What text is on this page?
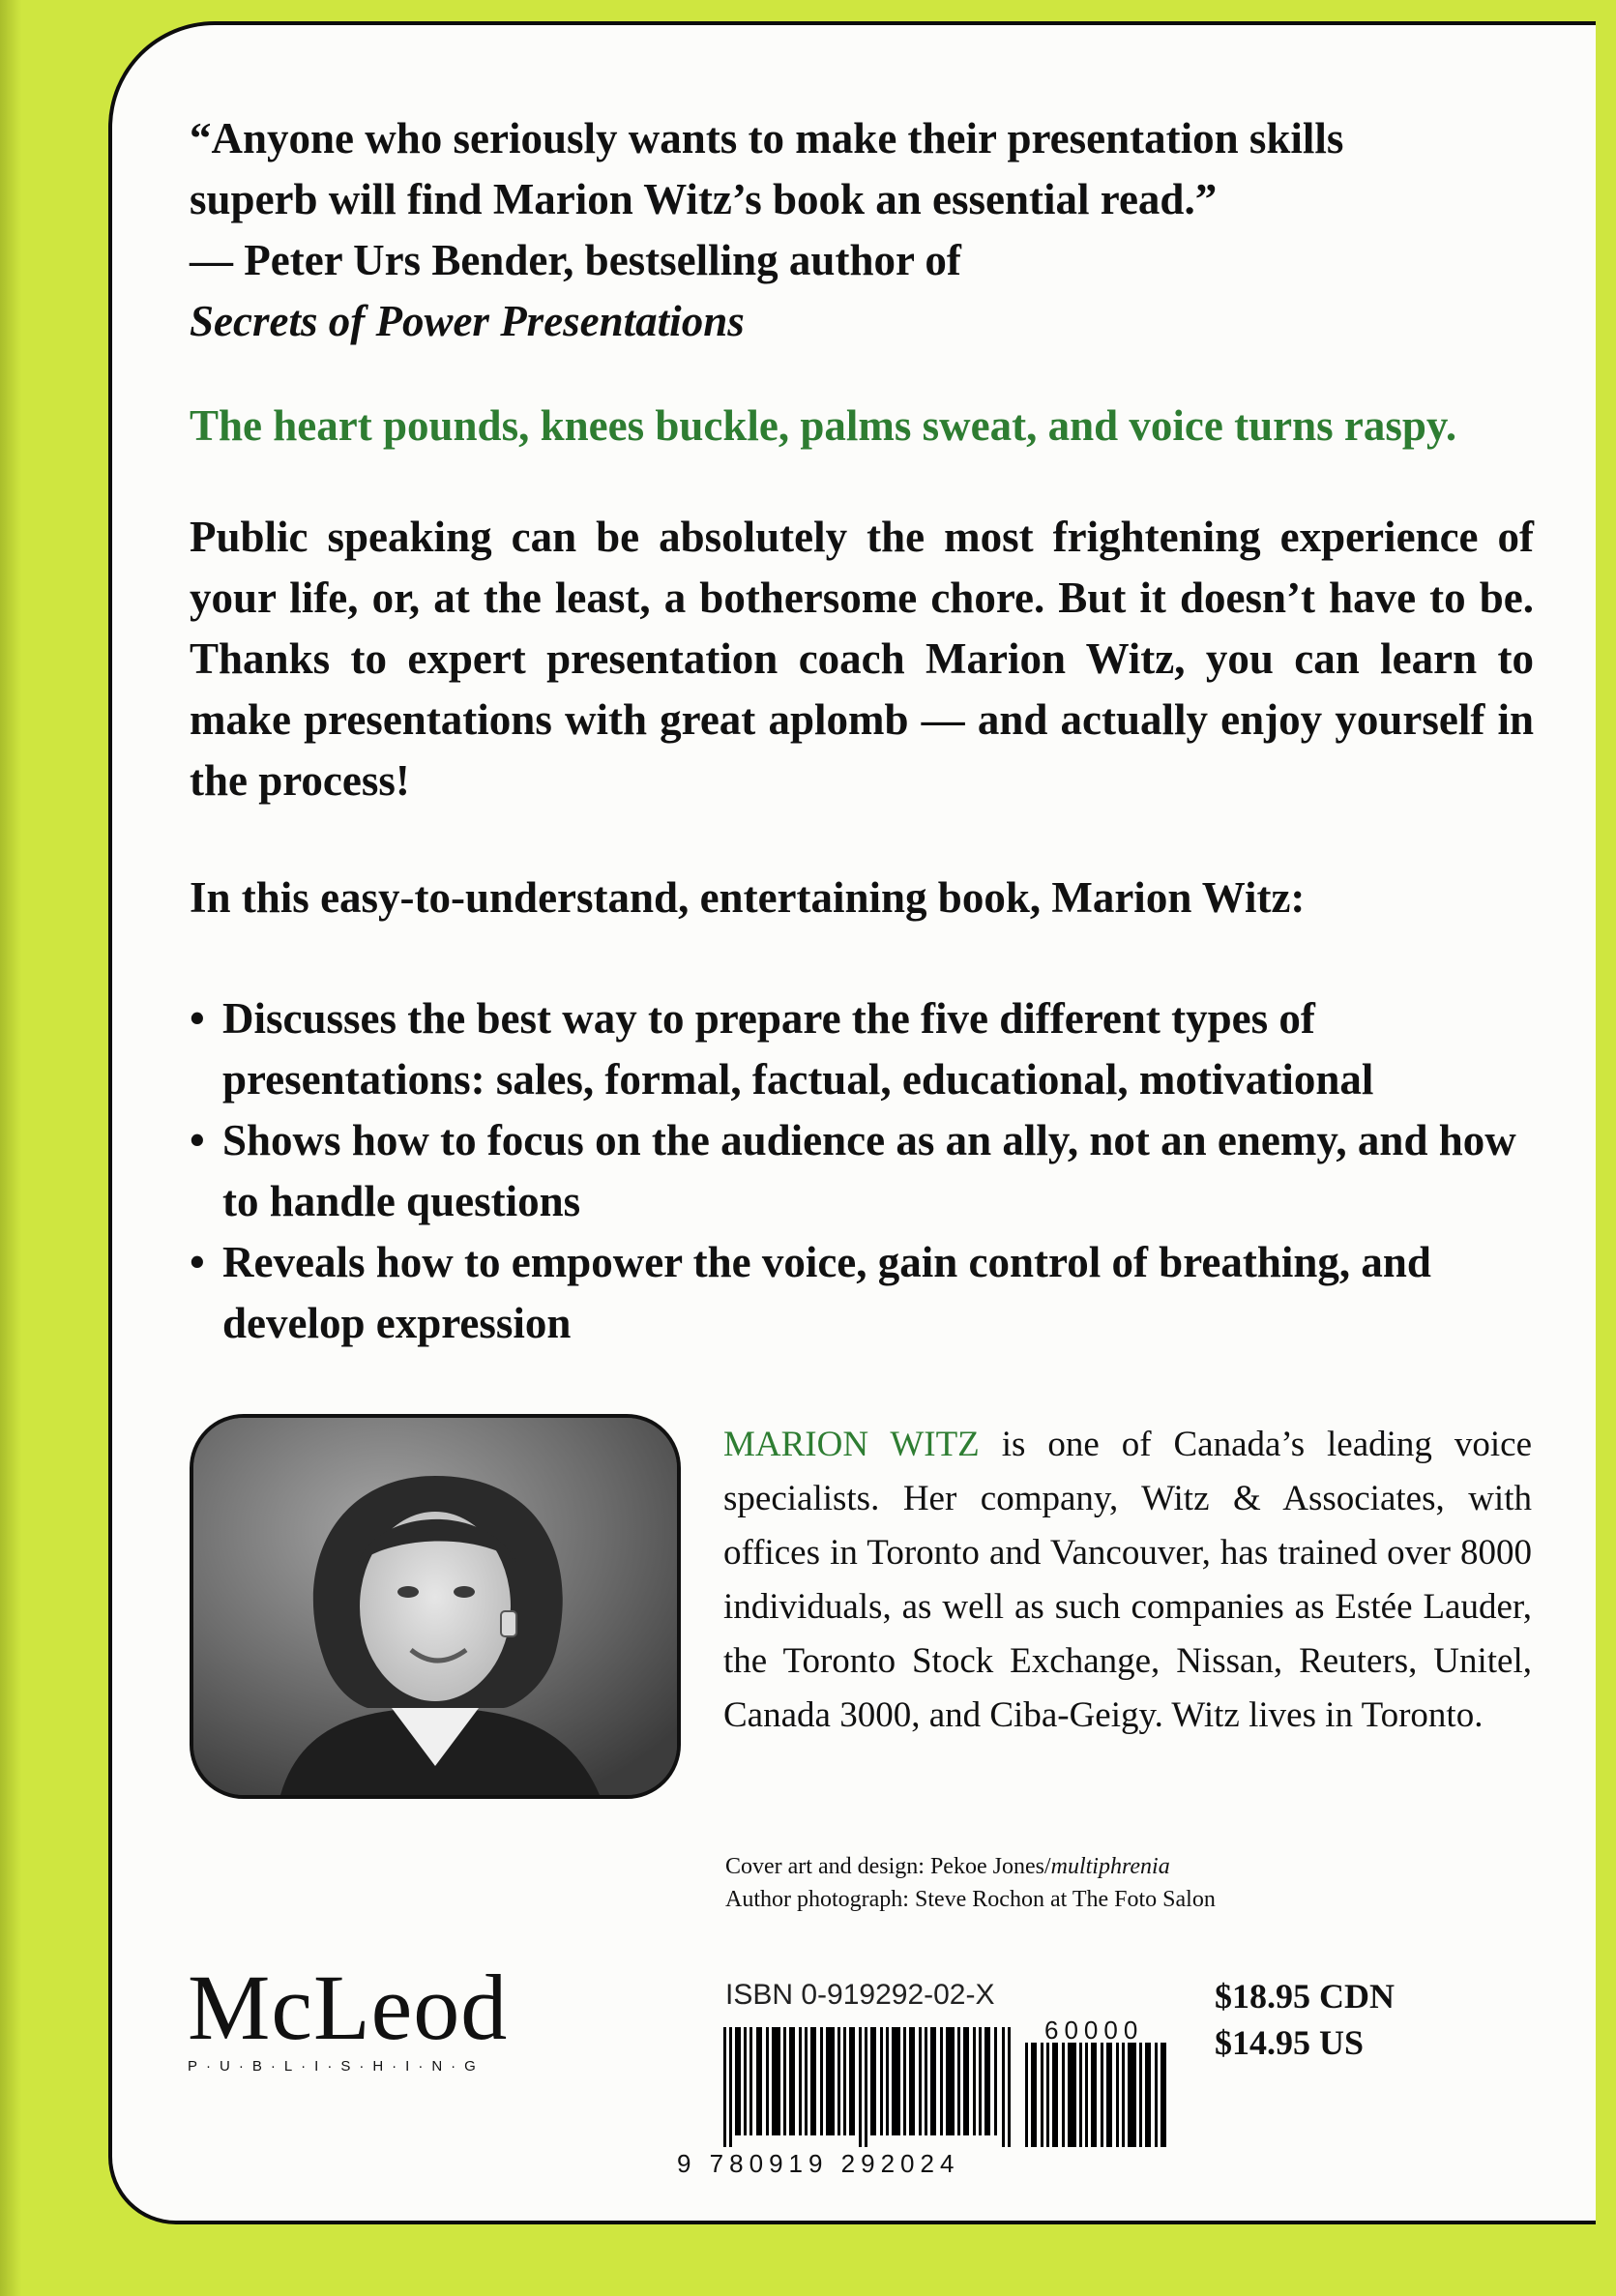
“Anyone who seriously wants to make their presentation skills
superb will find Marion Witz’s book an essential read.”
— Peter Urs Bender, bestselling author of
Secrets of Power Presentations
The heart pounds, knees buckle, palms sweat, and voice turns raspy.
Public speaking can be absolutely the most frightening experience of your life, or, at the least, a bothersome chore. But it doesn’t have to be. Thanks to expert presentation coach Marion Witz, you can learn to make presentations with great aplomb — and actually enjoy yourself in the process!
In this easy-to-understand, entertaining book, Marion Witz:
• Discusses the best way to prepare the five different types of presentations: sales, formal, factual, educational, motivational
• Shows how to focus on the audience as an ally, not an enemy, and how to handle questions
• Reveals how to empower the voice, gain control of breathing, and develop expression
MARION WITZ is one of Canada’s leading voice specialists. Her company, Witz & Associates, with offices in Toronto and Vancouver, has trained over 8000 individuals, as well as such companies as Estée Lauder, the Toronto Stock Exchange, Nissan, Reuters, Unitel, Canada 3000, and Ciba-Geigy. Witz lives in Toronto.
Cover art and design: Pekoe Jones/multiphrenia
Author photograph: Steve Rochon at The Foto Salon
McLeod
P·U·B·L·I·S·H·I·N·G
ISBN 0-919292-02-X
60000
9 780919 292024
$18.95 CDN
$14.95 US
